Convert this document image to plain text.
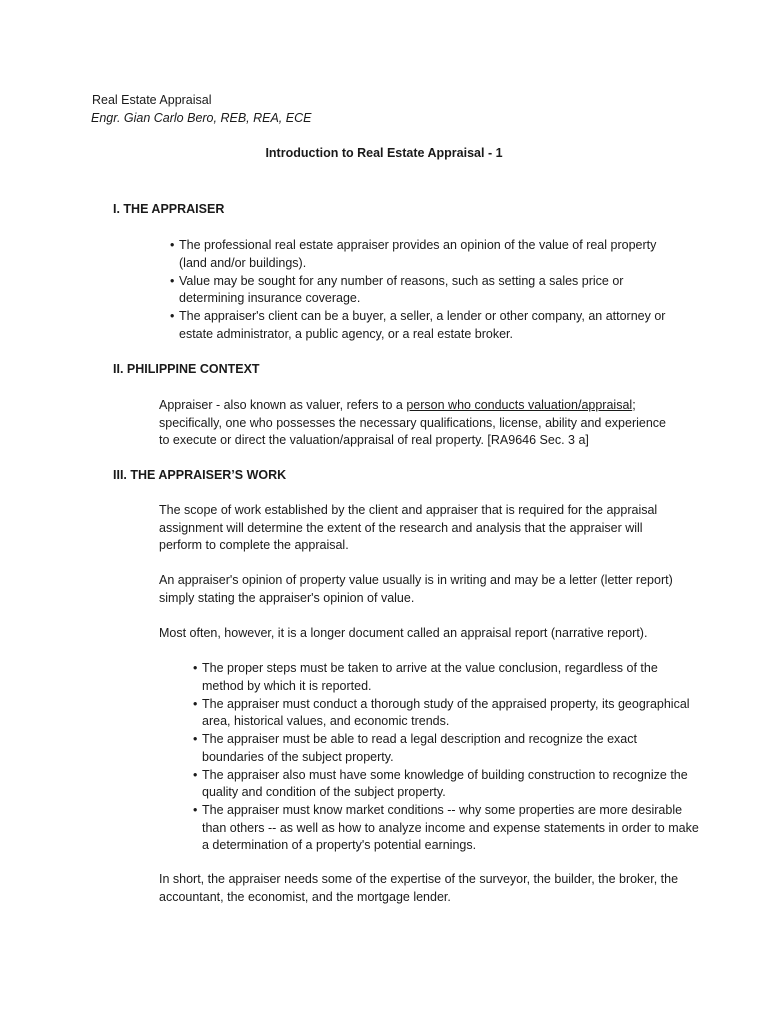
Real Estate Appraisal

Engr. Gian Carlo Bero, REB, REA, ECE

Introduction to Real Estate Appraisal - 1

I. THE APPRAISER

• The professional real estate appraiser provides an opinion of the value of real property (land and/or buildings).
• Value may be sought for any number of reasons, such as setting a sales price or determining insurance coverage.
• The appraiser's client can be a buyer, a seller, a lender or other company, an attorney or estate administrator, a public agency, or a real estate broker.

II. PHILIPPINE CONTEXT

Appraiser - also known as valuer, refers to a person who conducts valuation/appraisal; specifically, one who possesses the necessary qualifications, license, ability and experience to execute or direct the valuation/appraisal of real property. [RA9646 Sec. 3 a]

III. THE APPRAISER’S WORK

The scope of work established by the client and appraiser that is required for the appraisal assignment will determine the extent of the research and analysis that the appraiser will perform to complete the appraisal.

An appraiser's opinion of property value usually is in writing and may be a letter (letter report) simply stating the appraiser's opinion of value.

Most often, however, it is a longer document called an appraisal report (narrative report).

• The proper steps must be taken to arrive at the value conclusion, regardless of the method by which it is reported.
• The appraiser must conduct a thorough study of the appraised property, its geographical area, historical values, and economic trends.
• The appraiser must be able to read a legal description and recognize the exact boundaries of the subject property.
• The appraiser also must have some knowledge of building construction to recognize the quality and condition of the subject property.
• The appraiser must know market conditions -- why some properties are more desirable than others -- as well as how to analyze income and expense statements in order to make a determination of a property's potential earnings.

In short, the appraiser needs some of the expertise of the surveyor, the builder, the broker, the accountant, the economist, and the mortgage lender.
